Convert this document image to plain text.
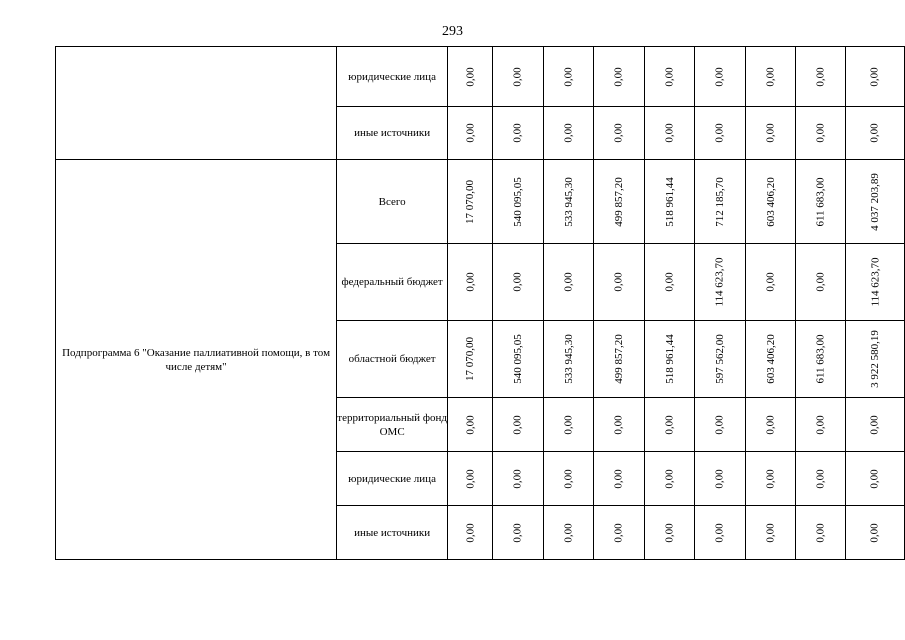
293
	юридические лица	0,00	0,00	0,00	0,00	0,00	0,00	0,00	0,00	0,00
	иные источники	0,00	0,00	0,00	0,00	0,00	0,00	0,00	0,00	0,00
Подпрограмма 6 "Оказание паллиативной помощи, в том числе детям"	Всего	17 070,00	540 095,05	533 945,30	499 857,20	518 961,44	712 185,70	603 406,20	611 683,00	4 037 203,89
	федеральный бюджет	0,00	0,00	0,00	0,00	0,00	114 623,70	0,00	0,00	114 623,70
	областной бюджет	17 070,00	540 095,05	533 945,30	499 857,20	518 961,44	597 562,00	603 406,20	611 683,00	3 922 580,19
	территориальный фонд ОМС	0,00	0,00	0,00	0,00	0,00	0,00	0,00	0,00	0,00
	юридические лица	0,00	0,00	0,00	0,00	0,00	0,00	0,00	0,00	0,00
	иные источники	0,00	0,00	0,00	0,00	0,00	0,00	0,00	0,00	0,00
